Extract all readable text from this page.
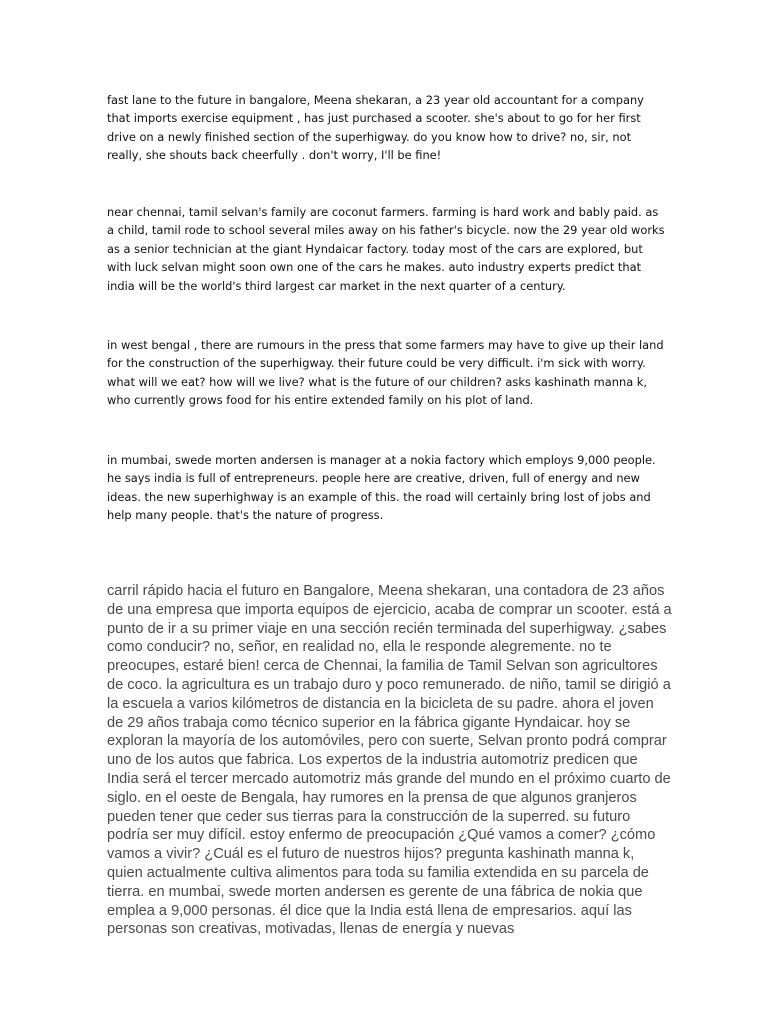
fast lane to the future in bangalore, Meena shekaran, a 23 year old accountant for a company that imports exercise equipment , has just purchased a scooter. she's about to go for her first drive on a newly finished section of the superhigway. do you know how to drive? no, sir, not really, she shouts back cheerfully . don't worry, I'll be fine!

near chennai, tamil selvan's family are coconut farmers. farming is hard work and bably paid. as a child, tamil rode to school several miles away on his father's bicycle. now the 29 year old works as a senior technician at the giant Hyndaicar factory. today most of the cars are explored, but with luck selvan might soon own one of the cars he makes. auto industry experts predict that india will be the world's third largest car market in the next quarter of a century.

in west bengal , there are rumours in the press that some farmers may have to give up their land for the construction of the superhigway. their future could be very difficult. i'm sick with worry. what will we eat? how will we live? what is the future of our children? asks kashinath manna k, who currently grows food for his entire extended family on his plot of land.

in mumbai, swede morten andersen is manager at a nokia factory which employs 9,000 people. he says india is full of entrepreneurs. people here are creative, driven, full of energy and new ideas. the new superhighway is an example of this. the road will certainly bring lost of jobs and help many people. that's the nature of progress.

carril rápido hacia el futuro en Bangalore, Meena shekaran, una contadora de 23 años de una empresa que importa equipos de ejercicio, acaba de comprar un scooter. está a punto de ir a su primer viaje en una sección recién terminada del superhigway. ¿sabes como conducir? no, señor, en realidad no, ella le responde alegremente. no te preocupes, estaré bien! cerca de Chennai, la familia de Tamil Selvan son agricultores de coco. la agricultura es un trabajo duro y poco remunerado. de niño, tamil se dirigió a la escuela a varios kilómetros de distancia en la bicicleta de su padre. ahora el joven de 29 años trabaja como técnico superior en la fábrica gigante Hyndaicar. hoy se exploran la mayoría de los automóviles, pero con suerte, Selvan pronto podrá comprar uno de los autos que fabrica. Los expertos de la industria automotriz predicen que India será el tercer mercado automotriz más grande del mundo en el próximo cuarto de siglo. en el oeste de Bengala, hay rumores en la prensa de que algunos granjeros pueden tener que ceder sus tierras para la construcción de la superred. su futuro podría ser muy difícil. estoy enfermo de preocupación ¿Qué vamos a comer? ¿cómo vamos a vivir? ¿Cuál es el futuro de nuestros hijos? pregunta kashinath manna k, quien actualmente cultiva alimentos para toda su familia extendida en su parcela de tierra. en mumbai, swede morten andersen es gerente de una fábrica de nokia que emplea a 9,000 personas. él dice que la India está llena de empresarios. aquí las personas son creativas, motivadas, llenas de energía y nuevas
